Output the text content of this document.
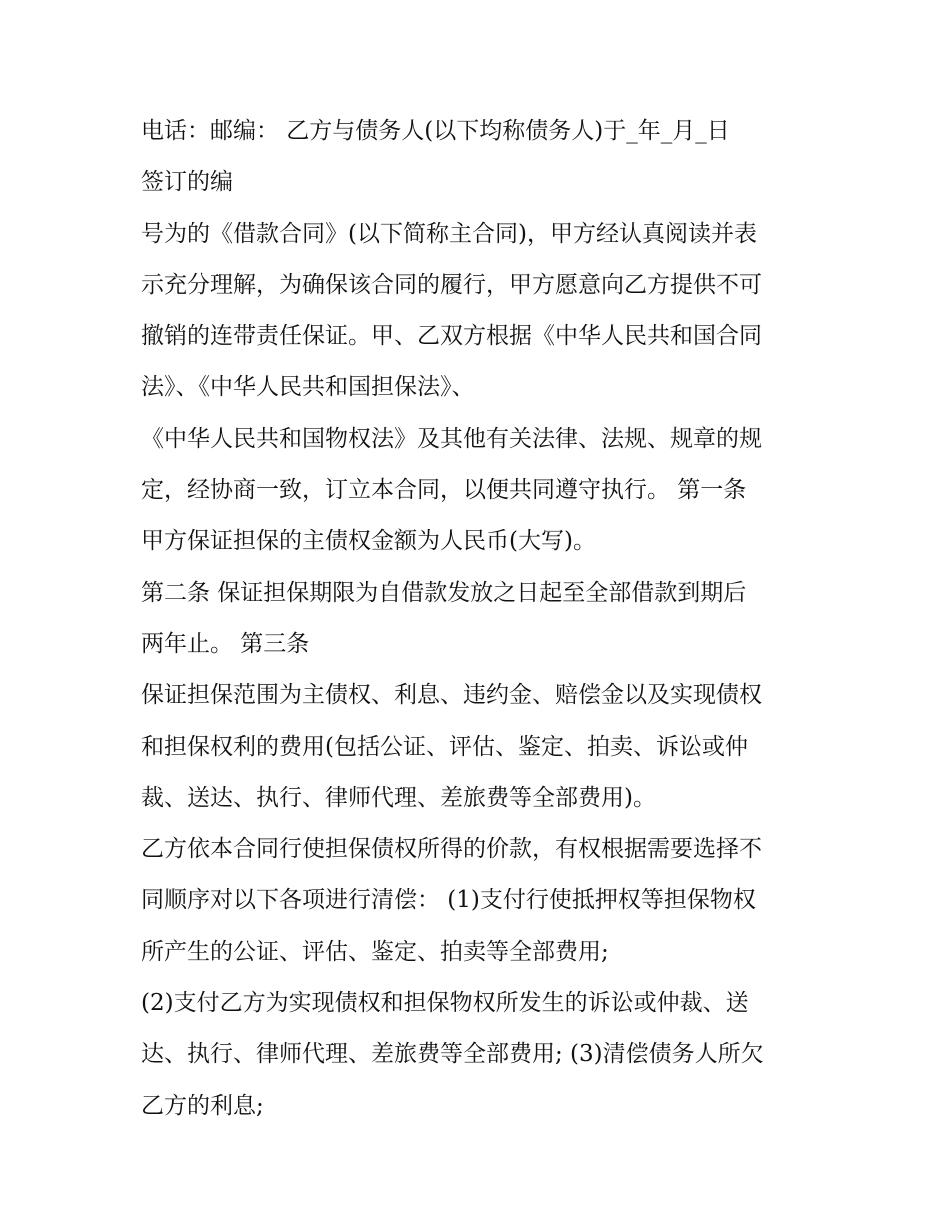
电话：邮编： 乙方与债务人(以下均称债务人)于_年_月_日
签订的编
号为的《借款合同》(以下简称主合同)，甲方经认真阅读并表
示充分理解，为确保该合同的履行，甲方愿意向乙方提供不可
撤销的连带责任保证。甲、乙双方根据《中华人民共和国合同
法》、《中华人民共和国担保法》、
《中华人民共和国物权法》及其他有关法律、法规、规章的规
定，经协商一致，订立本合同，以便共同遵守执行。 第一条
甲方保证担保的主债权金额为人民币(大写)。
第二条 保证担保期限为自借款发放之日起至全部借款到期后
两年止。 第三条
保证担保范围为主债权、利息、违约金、赔偿金以及实现债权
和担保权利的费用(包括公证、评估、鉴定、拍卖、诉讼或仲
裁、送达、执行、律师代理、差旅费等全部费用)。
乙方依本合同行使担保债权所得的价款，有权根据需要选择不
同顺序对以下各项进行清偿： (1)支付行使抵押权等担保物权
所产生的公证、评估、鉴定、拍卖等全部费用;
(2)支付乙方为实现债权和担保物权所发生的诉讼或仲裁、送
达、执行、律师代理、差旅费等全部费用; (3)清偿债务人所欠
乙方的利息;
